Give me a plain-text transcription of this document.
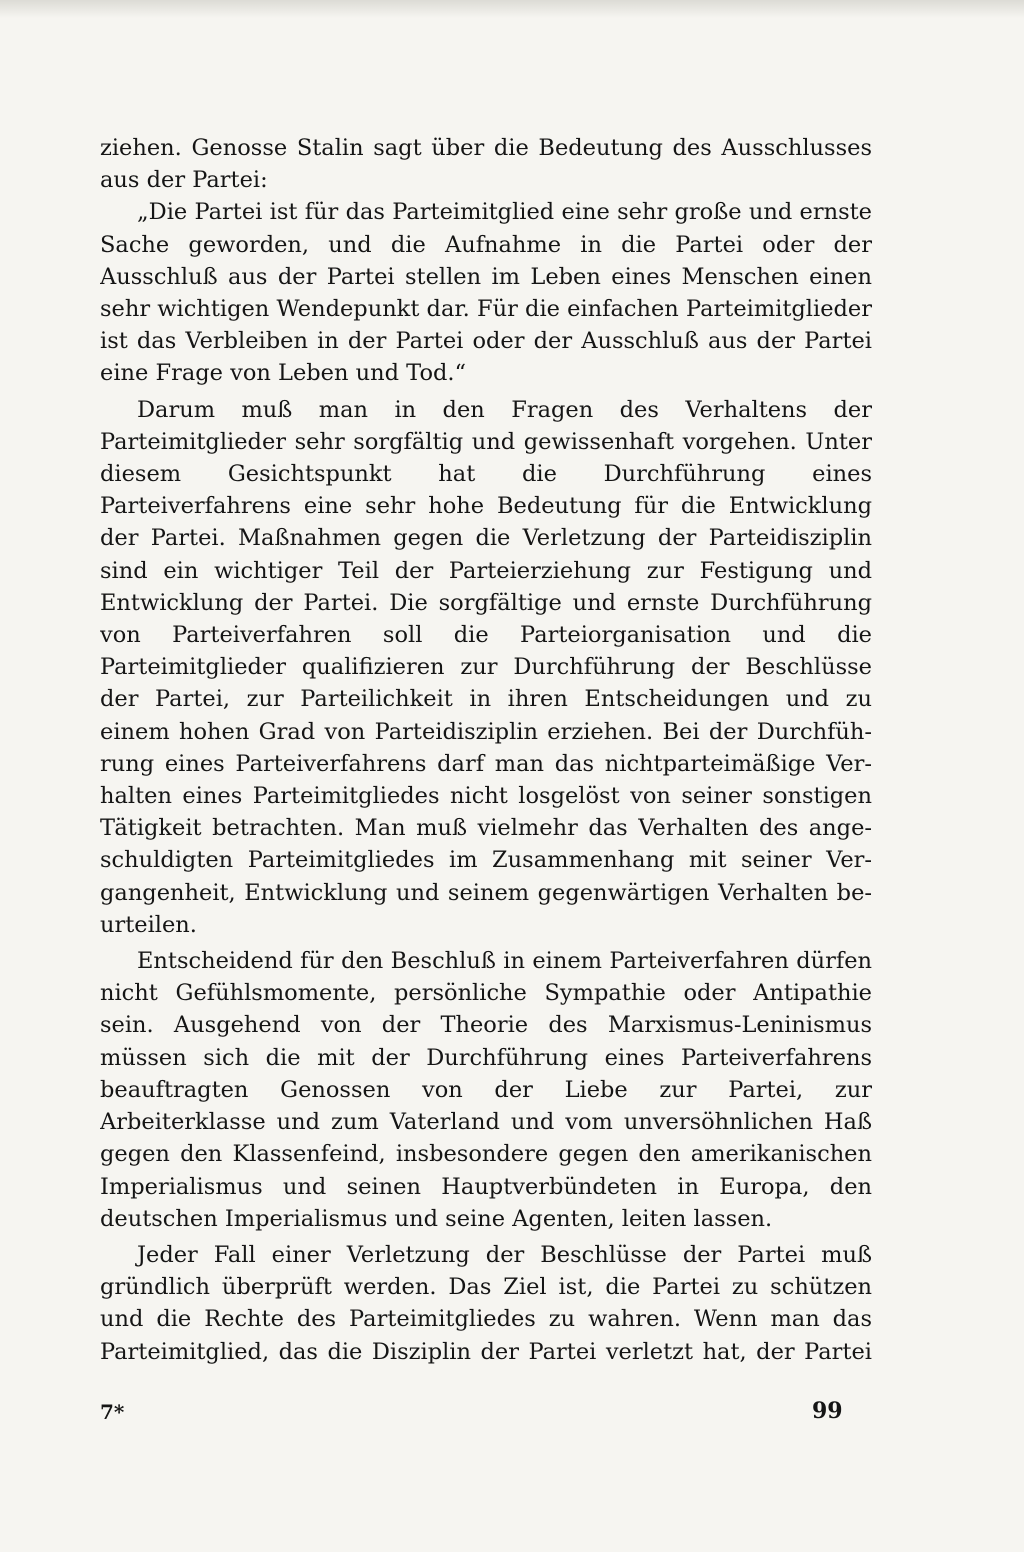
ziehen. Genosse Stalin sagt über die Bedeutung des Ausschlusses aus der Partei:

„Die Partei ist für das Parteimitglied eine sehr große und ernste Sache geworden, und die Aufnahme in die Partei oder der Ausschluß aus der Partei stellen im Leben eines Menschen einen sehr wichtigen Wendepunkt dar. Für die einfachen Parteimitglieder ist das Verbleiben in der Partei oder der Ausschluß aus der Partei eine Frage von Leben und Tod.“

Darum muß man in den Fragen des Verhaltens der Parteimitglieder sehr sorgfältig und gewissenhaft vorgehen. Unter diesem Gesichtspunkt hat die Durchführung eines Parteiverfahrens eine sehr hohe Bedeutung für die Entwicklung der Partei. Maßnahmen gegen die Verletzung der Parteidisziplin sind ein wichtiger Teil der Parteierziehung zur Festigung und Entwicklung der Partei. Die sorgfältige und ernste Durchführung von Parteiverfahren soll die Parteiorganisation und die Parteimitglieder qualifizieren zur Durchführung der Beschlüsse der Partei, zur Parteilichkeit in ihren Entscheidungen und zu einem hohen Grad von Parteidisziplin erziehen. Bei der Durchführung eines Parteiverfahrens darf man das nichtparteimäßige Verhalten eines Parteimitgliedes nicht losgelöst von seiner sonstigen Tätigkeit betrachten. Man muß vielmehr das Verhalten des angeschuldigten Parteimitgliedes im Zusammenhang mit seiner Vergangenheit, Entwicklung und seinem gegenwärtigen Verhalten beurteilen.

Entscheidend für den Beschluß in einem Parteiverfahren dürfen nicht Gefühlsmomente, persönliche Sympathie oder Antipathie sein. Ausgehend von der Theorie des Marxismus-Leninismus müssen sich die mit der Durchführung eines Parteiverfahrens beauftragten Genossen von der Liebe zur Partei, zur Arbeiterklasse und zum Vaterland und vom unversöhnlichen Haß gegen den Klassenfeind, insbesondere gegen den amerikanischen Imperialismus und seinen Hauptverbündeten in Europa, den deutschen Imperialismus und seine Agenten, leiten lassen.

Jeder Fall einer Verletzung der Beschlüsse der Partei muß gründlich überprüft werden. Das Ziel ist, die Partei zu schützen und die Rechte des Parteimitgliedes zu wahren. Wenn man das Parteimitglied, das die Disziplin der Partei verletzt hat, der Partei

7*	99
